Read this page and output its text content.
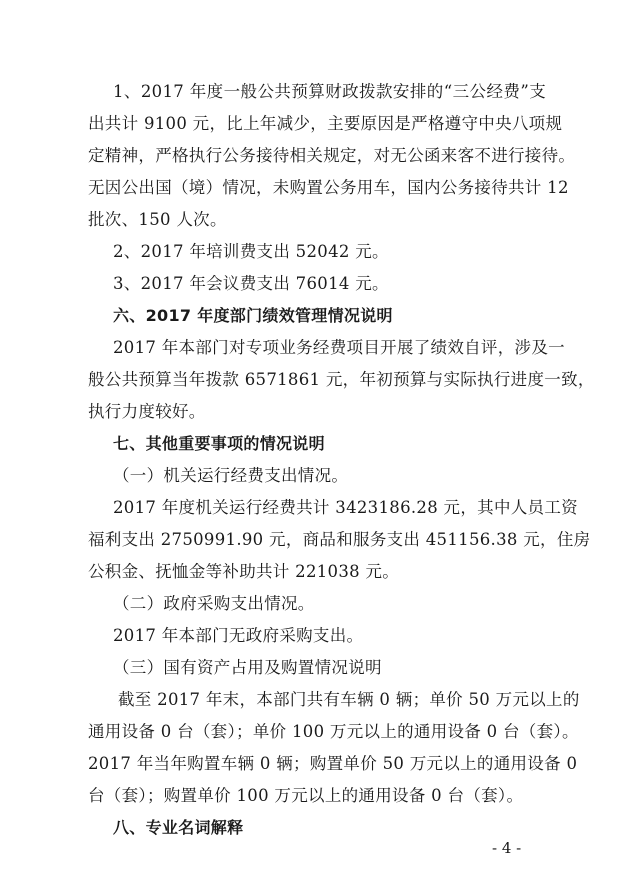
1、2017 年度一般公共预算财政拨款安排的“三公经费”支
出共计 9100 元，比上年减少，主要原因是严格遵守中央八项规
定精神，严格执行公务接待相关规定，对无公函来客不进行接待。
无因公出国（境）情况，未购置公务用车，国内公务接待共计 12
批次、150 人次。
2、2017 年培训费支出 52042 元。
3、2017 年会议费支出 76014 元。
六、2017 年度部门绩效管理情况说明
2017 年本部门对专项业务经费项目开展了绩效自评，涉及一
般公共预算当年拨款 6571861 元，年初预算与实际执行进度一致，
执行力度较好。
七、其他重要事项的情况说明
（一）机关运行经费支出情况。
2017 年度机关运行经费共计 3423186.28 元，其中人员工资
福利支出 2750991.90 元，商品和服务支出 451156.38 元，住房
公积金、抚恤金等补助共计 221038 元。
（二）政府采购支出情况。
2017 年本部门无政府采购支出。
（三）国有资产占用及购置情况说明
截至 2017 年末，本部门共有车辆 0 辆；单价 50 万元以上的
通用设备 0 台（套）；单价 100 万元以上的通用设备 0 台（套）。
2017 年当年购置车辆 0 辆；购置单价 50 万元以上的通用设备 0
台（套）；购置单价 100 万元以上的通用设备 0 台（套）。
八、专业名词解释
- 4 -
